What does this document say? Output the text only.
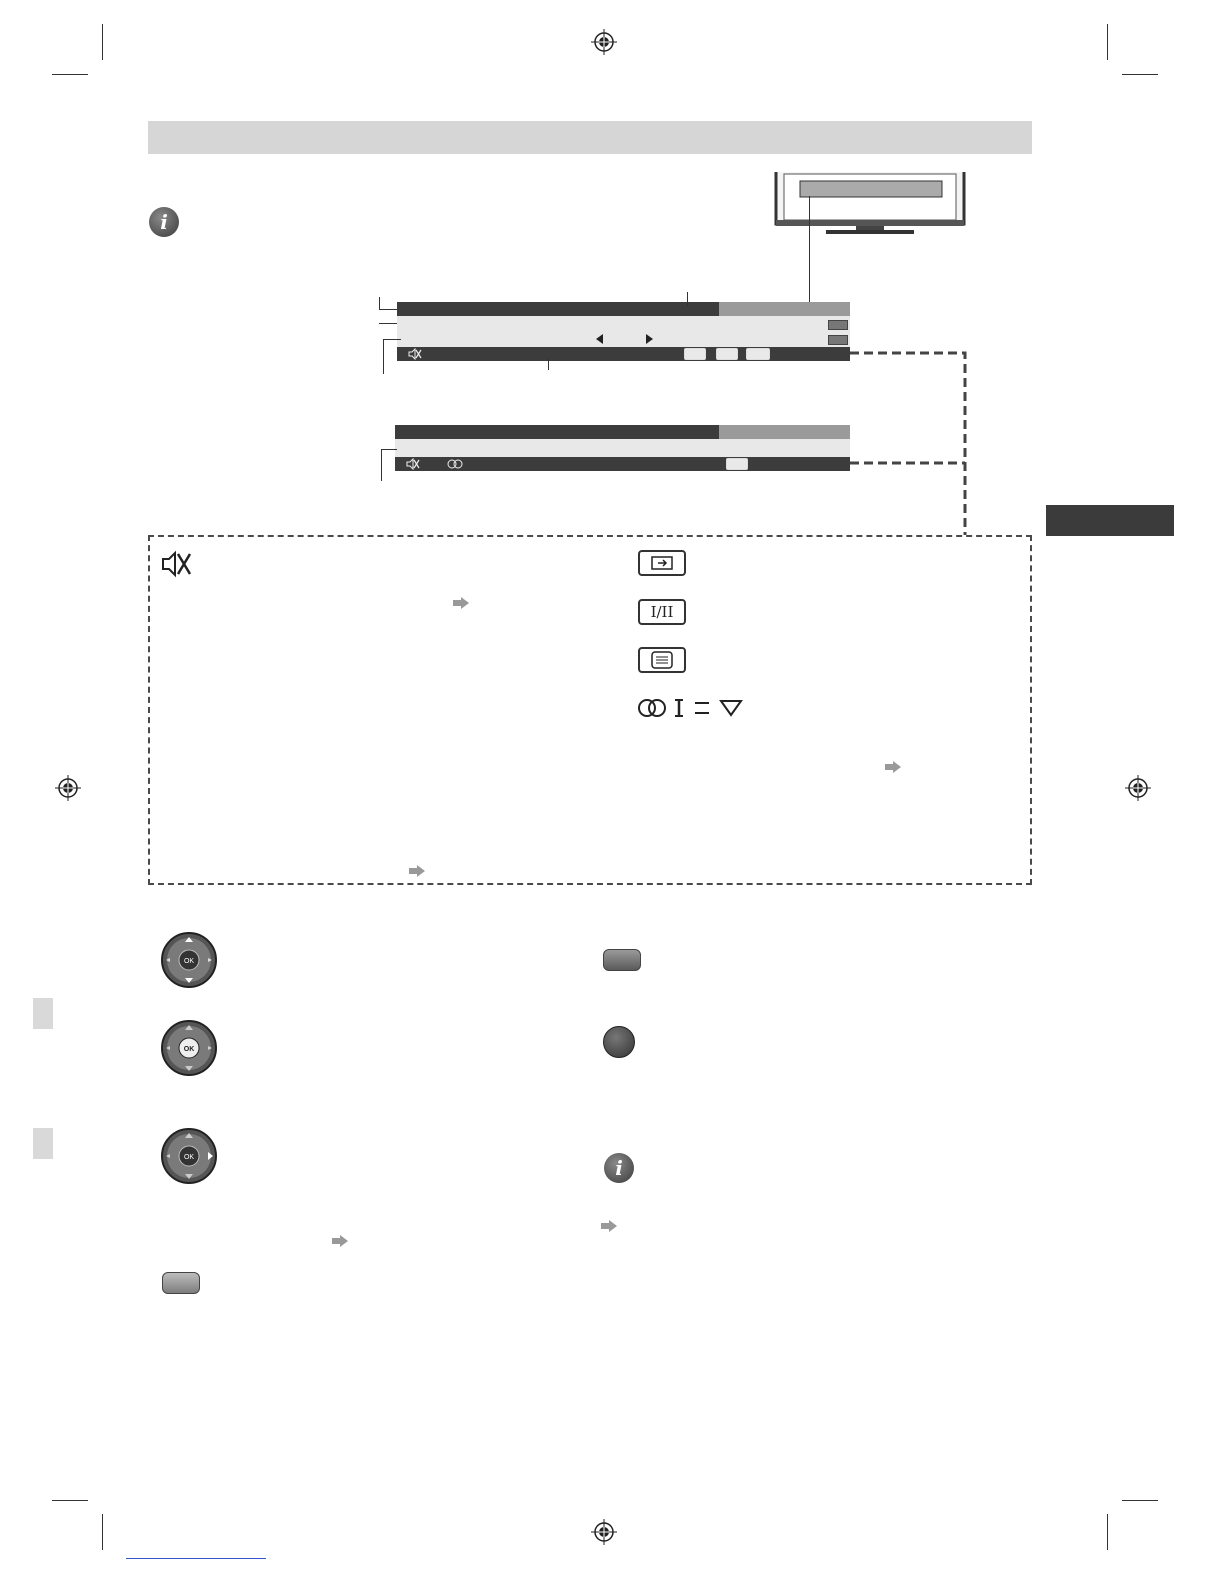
i
I/II
OK
OK
OK	i
